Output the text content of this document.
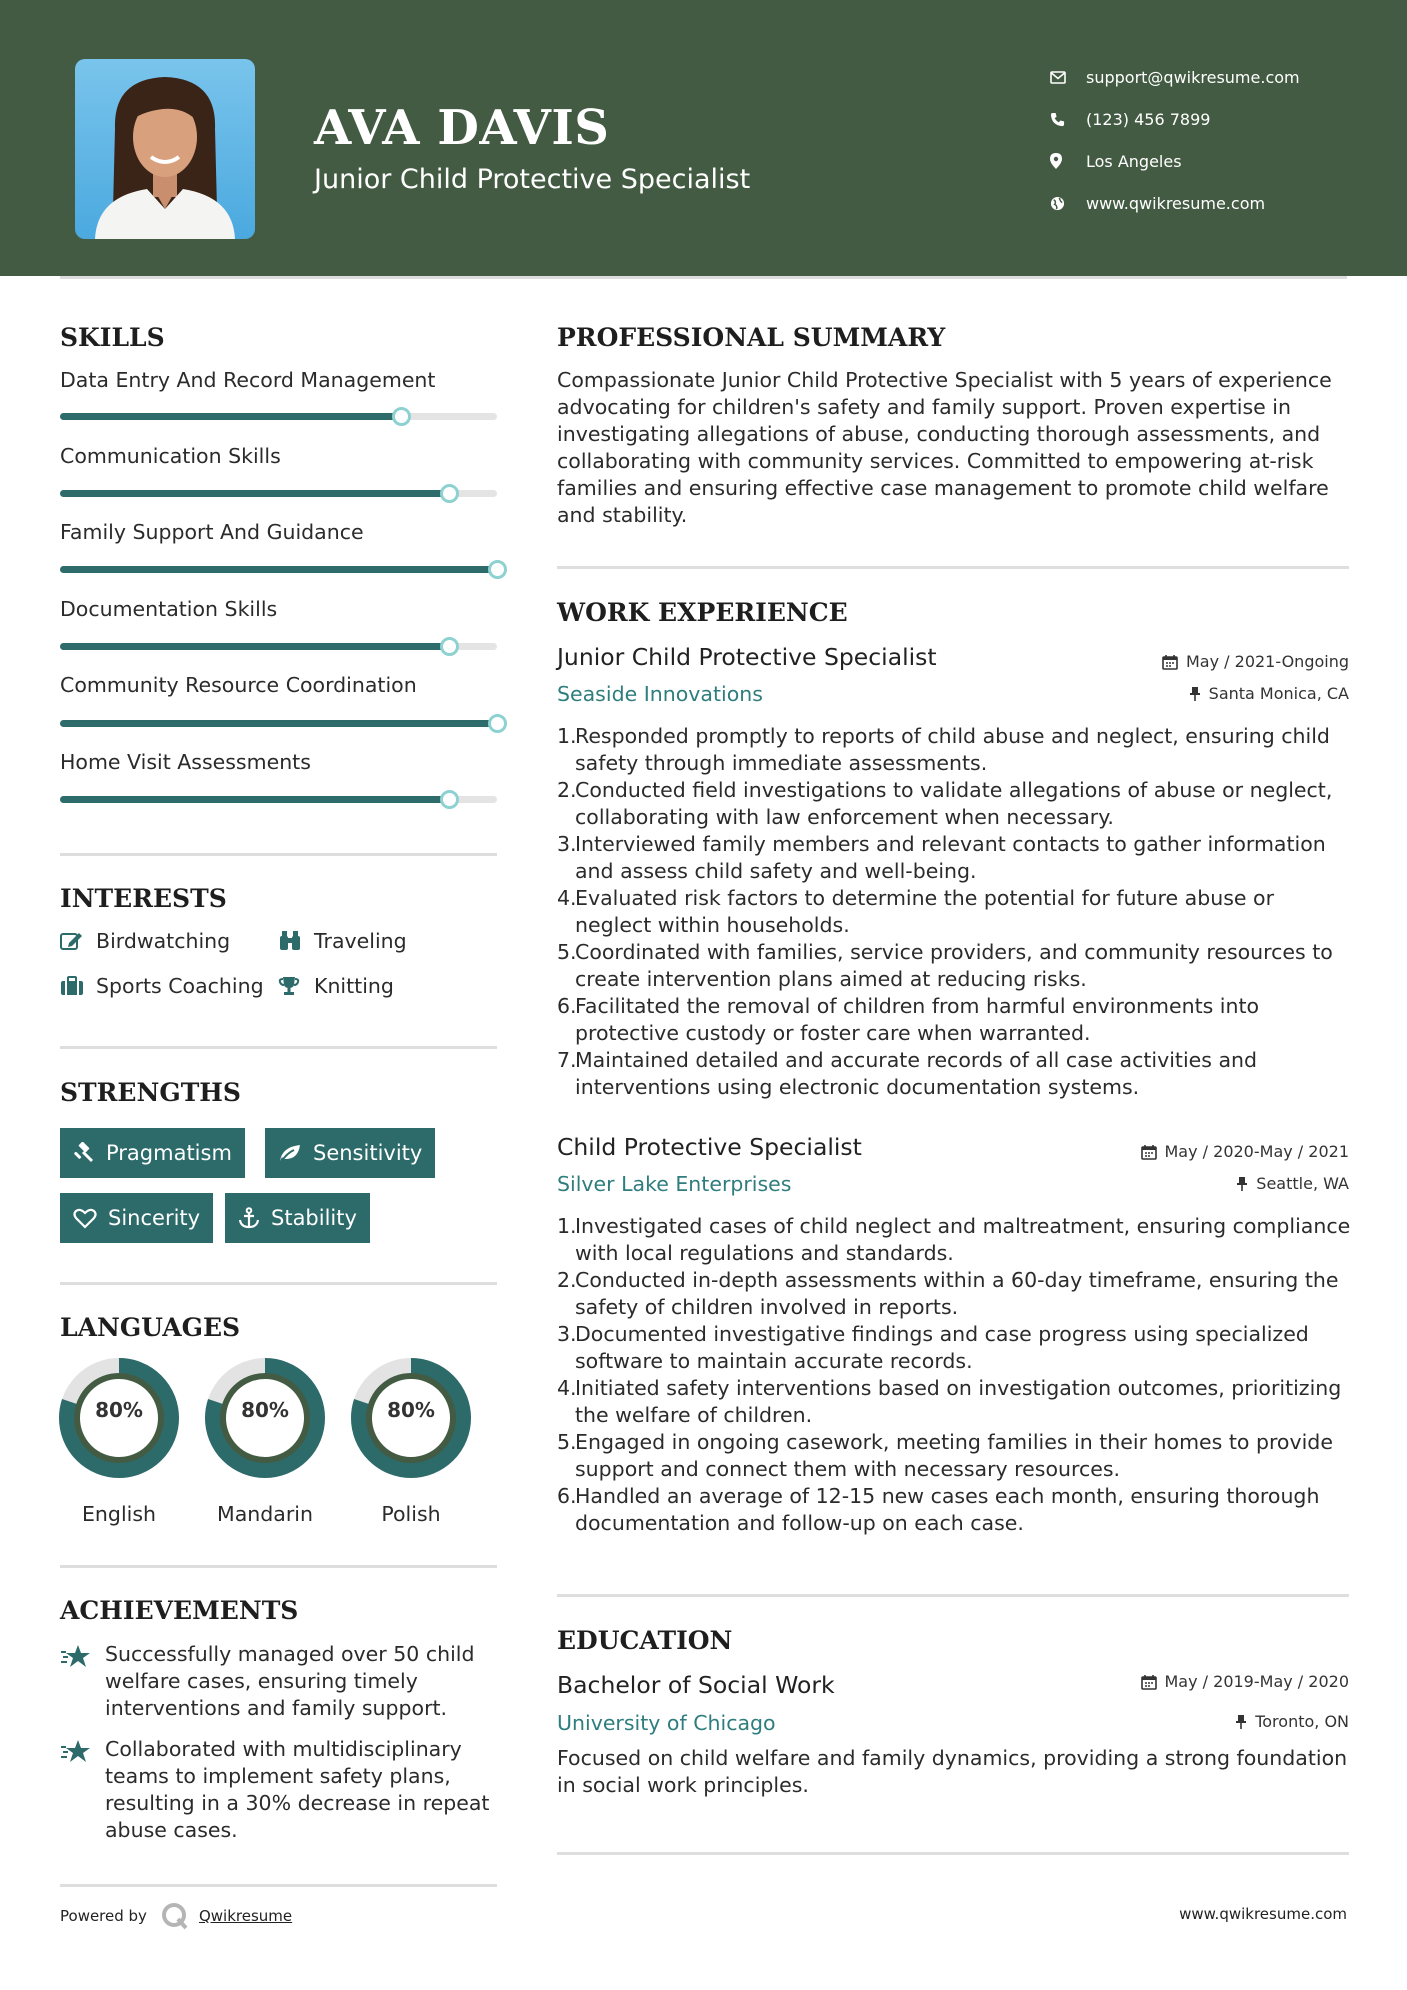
AVA DAVIS
Junior Child Protective Specialist
support@qwikresume.com
(123) 456 7899
Los Angeles
www.qwikresume.com
SKILLS
Data Entry And Record Management
Communication Skills
Family Support And Guidance
Documentation Skills
Community Resource Coordination
Home Visit Assessments
INTERESTS
Birdwatching	Traveling
Sports Coaching Knitting
STRENGTHS
Pragmatism	Sensitivity
Sincerity	Stability
LANGUAGES
80%
English
80%
Mandarin
80%
Polish
ACHIEVEMENTS
Successfully managed over 50 child welfare cases, ensuring timely interventions and family support.
Collaborated with multidisciplinary teams to implement safety plans, resulting in a 30% decrease in repeat abuse cases.
Powered by	Qwikresume	www.qwikresume.com
PROFESSIONAL SUMMARY
Compassionate Junior Child Protective Specialist with 5 years of experience advocating for children's safety and family support. Proven expertise in investigating allegations of abuse, conducting thorough assessments, and collaborating with community services. Committed to empowering at-risk families and ensuring effective case management to promote child welfare and stability.
WORK EXPERIENCE
Junior Child Protective Specialist	May / 2021-Ongoing
Seaside Innovations	Santa Monica, CA
1.
Responded promptly to reports of child abuse and neglect, ensuring child safety through immediate assessments.
2.
Conducted field investigations to validate allegations of abuse or neglect, collaborating with law enforcement when necessary.
3.
Interviewed family members and relevant contacts to gather information and assess child safety and well-being.
4.
Evaluated risk factors to determine the potential for future abuse or neglect within households.
5.
Coordinated with families, service providers, and community resources to create intervention plans aimed at reducing risks.
6.
Facilitated the removal of children from harmful environments into protective custody or foster care when warranted.
7.
Maintained detailed and accurate records of all case activities and interventions using electronic documentation systems.
Child Protective Specialist	May / 2020-May / 2021
Silver Lake Enterprises	Seattle, WA
1.
Investigated cases of child neglect and maltreatment, ensuring compliance with local regulations and standards.
2.
Conducted in-depth assessments within a 60-day timeframe, ensuring the safety of children involved in reports.
3.
Documented investigative findings and case progress using specialized software to maintain accurate records.
4.
Initiated safety interventions based on investigation outcomes, prioritizing the welfare of children.
5.
Engaged in ongoing casework, meeting families in their homes to provide support and connect them with necessary resources.
6.
Handled an average of 12-15 new cases each month, ensuring thorough documentation and follow-up on each case.
EDUCATION
Bachelor of Social Work	May / 2019-May / 2020
University of Chicago	Toronto, ON
Focused on child welfare and family dynamics, providing a strong foundation in social work principles.
